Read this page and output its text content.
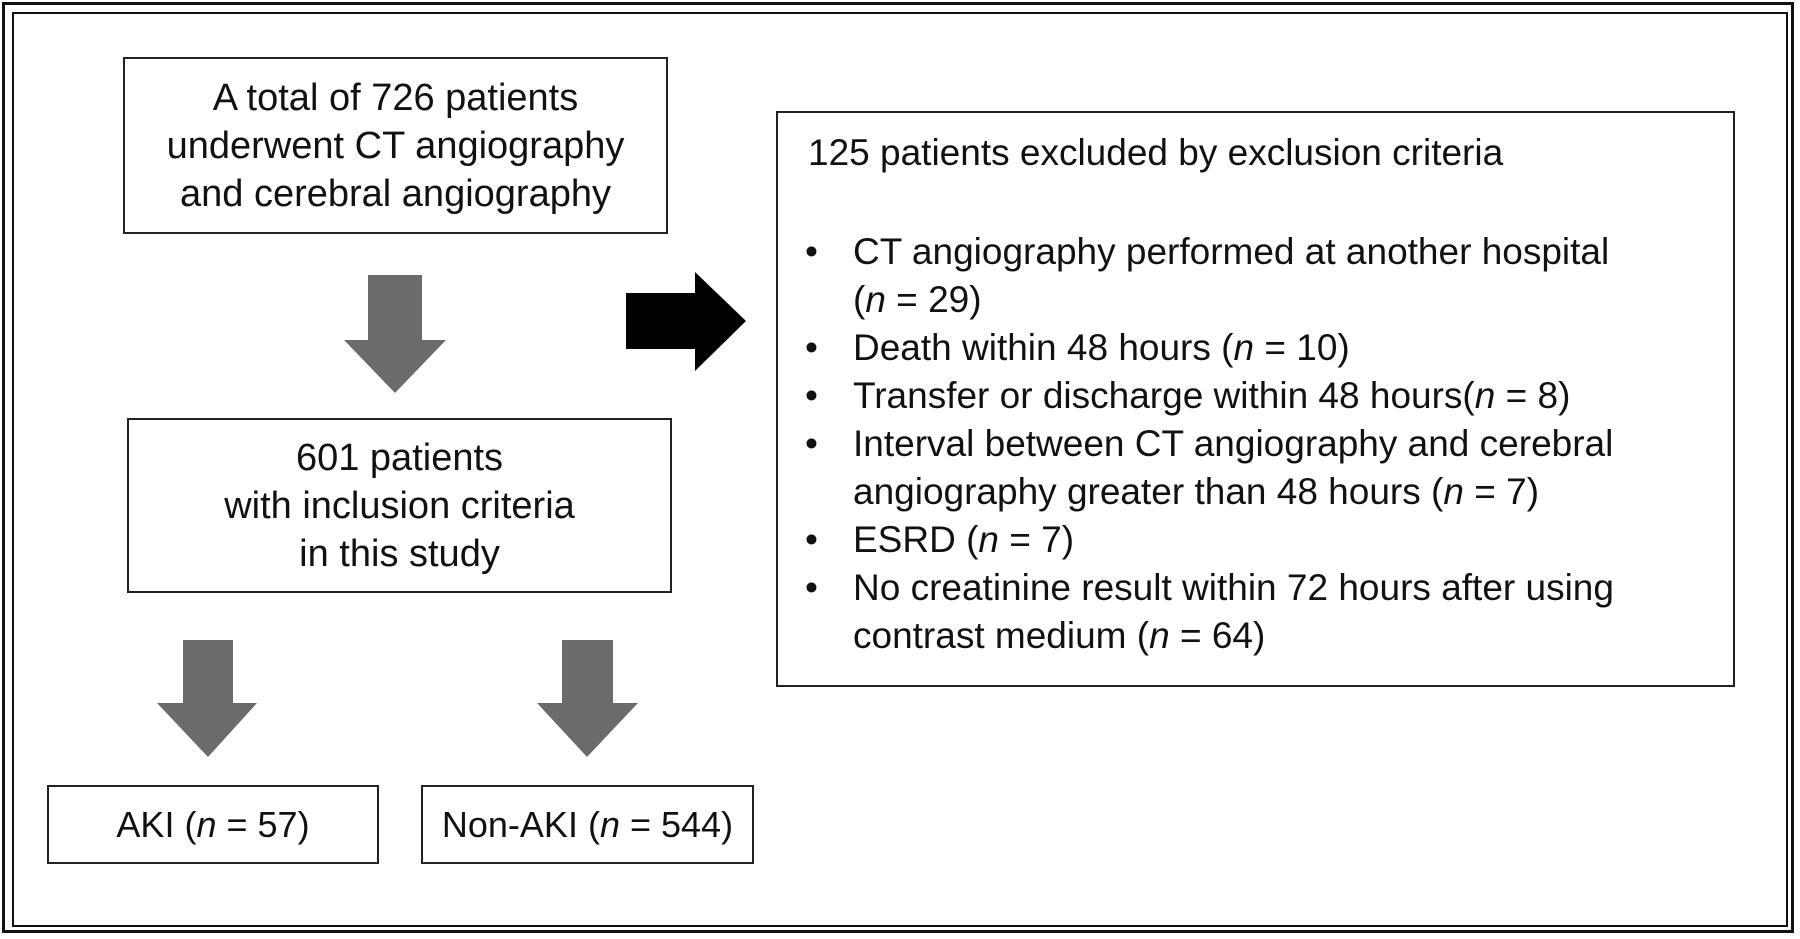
A total of 726 patients
underwent CT angiography
and cerebral angiography
601 patients
with inclusion criteria
in this study
AKI ( n = 57 )	Non-AKI ( n = 544 )
125 patients excluded by exclusion criteria
• CT angiography performed at another hospital
(n = 29)
• Death within 48 hours (n = 10)
• Transfer or discharge within 48 hours(n = 8)
• Interval between CT angiography and cerebral angiography greater than 48 hours (n = 7)
• ESRD (n = 7)
• No creatinine result within 72 hours after using contrast medium (n = 64)
